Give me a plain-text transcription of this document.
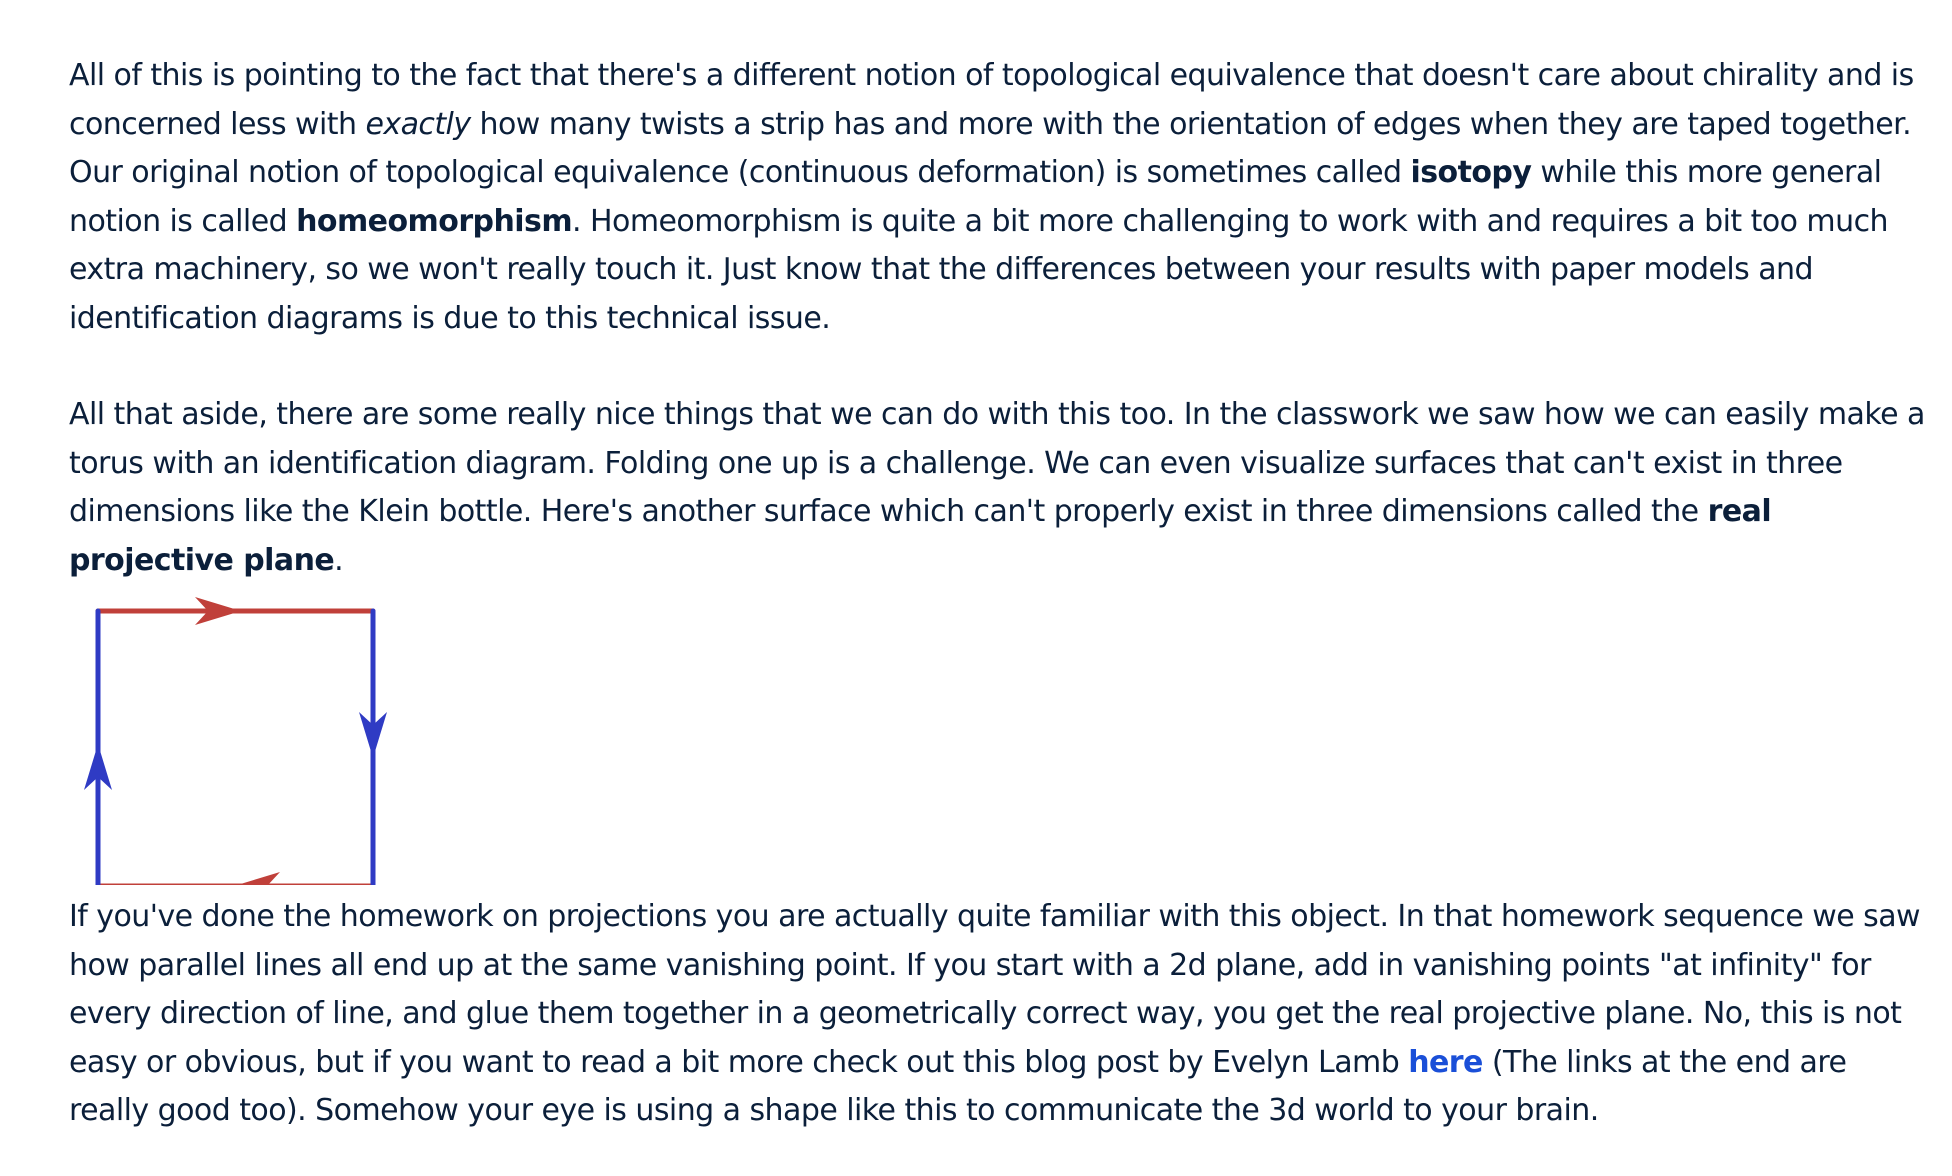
All of this is pointing to the fact that there's a different notion of topological equivalence that doesn't care about chirality and is concerned less with exactly how many twists a strip has and more with the orientation of edges when they are taped together. Our original notion of topological equivalence (continuous deformation) is sometimes called isotopy while this more general notion is called homeomorphism. Homeomorphism is quite a bit more challenging to work with and requires a bit too much extra machinery, so we won't really touch it. Just know that the differences between your results with paper models and identification diagrams is due to this technical issue.

All that aside, there are some really nice things that we can do with this too. In the classwork we saw how we can easily make a torus with an identification diagram. Folding one up is a challenge. We can even visualize surfaces that can't exist in three dimensions like the Klein bottle. Here's another surface which can't properly exist in three dimensions called the real projective plane.

If you've done the homework on projections you are actually quite familiar with this object. In that homework sequence we saw how parallel lines all end up at the same vanishing point. If you start with a 2d plane, add in vanishing points "at infinity" for every direction of line, and glue them together in a geometrically correct way, you get the real projective plane. No, this is not easy or obvious, but if you want to read a bit more check out this blog post by Evelyn Lamb here (The links at the end are really good too). Somehow your eye is using a shape like this to communicate the 3d world to your brain.
